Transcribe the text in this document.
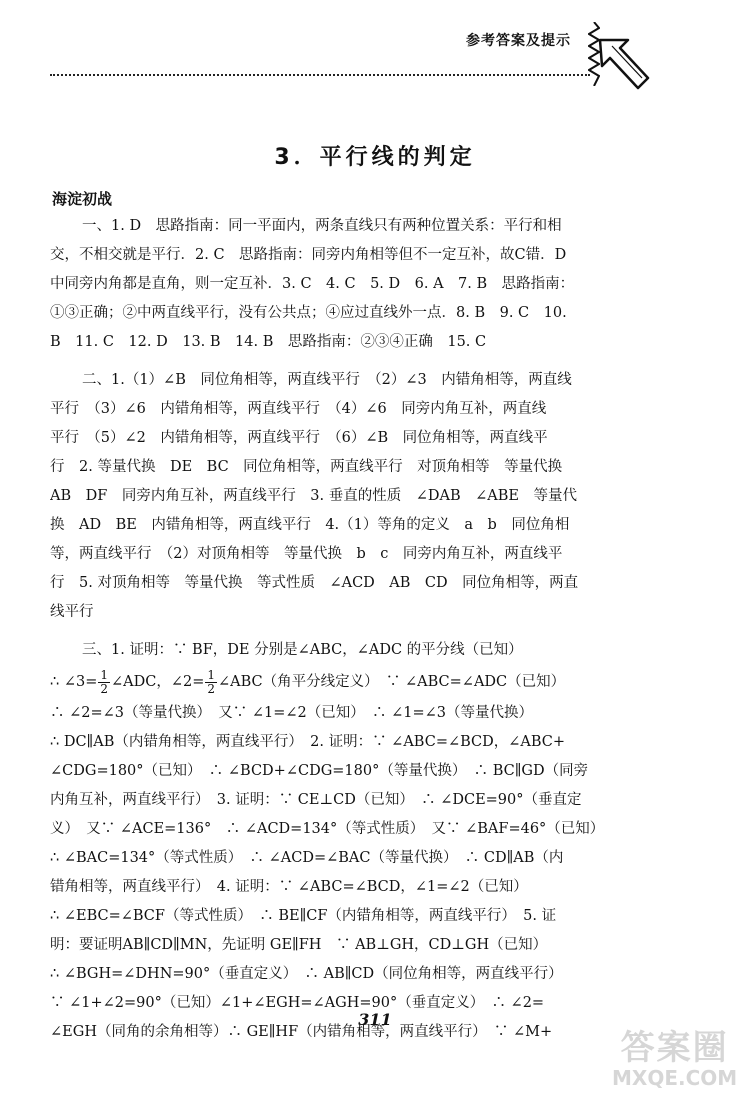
参考答案及提示
3．平行线的判定
海淀初战
一、1. D　思路指南：同一平面内，两条直线只有两种位置关系：平行和相
交，不相交就是平行．2. C　思路指南：同旁内角相等但不一定互补，故C错．D
中同旁内角都是直角，则一定互补．3. C　4. C　5. D　6. A　7. B　思路指南：
①③正确；②中两直线平行，没有公共点；④应过直线外一点．8. B　9. C　10.
B　11. C　12. D　13. B　14. B　思路指南：②③④正确　15. C
二、1.（1）∠B　同位角相等，两直线平行　（2）∠3　内错角相等，两直线
平行　（3）∠6　内错角相等，两直线平行　（4）∠6　同旁内角互补，两直线
平行　（5）∠2　内错角相等，两直线平行　（6）∠B　同位角相等，两直线平
行　2. 等量代换　DE　BC　同位角相等，两直线平行　对顶角相等　等量代换
AB　DF　同旁内角互补，两直线平行　3. 垂直的性质　∠DAB　∠ABE　等量代
换　AD　BE　内错角相等，两直线平行　4.（1）等角的定义　a　b　同位角相
等，两直线平行　（2）对顶角相等　等量代换　b　c　同旁内角互补，两直线平
行　5. 对顶角相等　等量代换　等式性质　∠ACD　AB　CD　同位角相等，两直
线平行
三、1. 证明：∵ BF，DE 分别是∠ABC，∠ADC 的平分线（已知）
∴ ∠3= $\frac{1}{2}$ ∠ADC，∠2= $\frac{1}{2}$ ∠ABC（角平分线定义）　∵ ∠ABC=∠ADC（已知）
∴ ∠2=∠3（等量代换）　又∵ ∠1=∠2（已知）　∴ ∠1=∠3（等量代换）
∴ DC∥AB（内错角相等，两直线平行）　2. 证明：∵ ∠ABC=∠BCD，∠ABC+
∠CDG=180°（已知）　∴ ∠BCD+∠CDG=180°（等量代换）　∴ BC∥GD（同旁
内角互补，两直线平行）　3. 证明：∵ CE⊥CD（已知）　∴ ∠DCE=90°（垂直定
义）　又∵ ∠ACE=136°　∴ ∠ACD=134°（等式性质）　又∵ ∠BAF=46°（已知）
∴ ∠BAC=134°（等式性质）　∴ ∠ACD=∠BAC（等量代换）　∴ CD∥AB（内
错角相等，两直线平行）　4. 证明：∵ ∠ABC=∠BCD，∠1=∠2（已知）
∴ ∠EBC=∠BCF（等式性质）　∴ BE∥CF（内错角相等，两直线平行）　5. 证
明：要证明AB∥CD∥MN，先证明 GE∥FH　∵ AB⊥GH，CD⊥GH（已知）
∴ ∠BGH=∠DHN=90°（垂直定义）　∴ AB∥CD（同位角相等，两直线平行）
∵ ∠1+∠2=90°（已知）∠1+∠EGH=∠AGH=90°（垂直定义）　∴ ∠2=
∠EGH（同角的余角相等）∴ GE∥HF（内错角相等，两直线平行）　∵ ∠M+
311
答案圈
MXQE.COM
